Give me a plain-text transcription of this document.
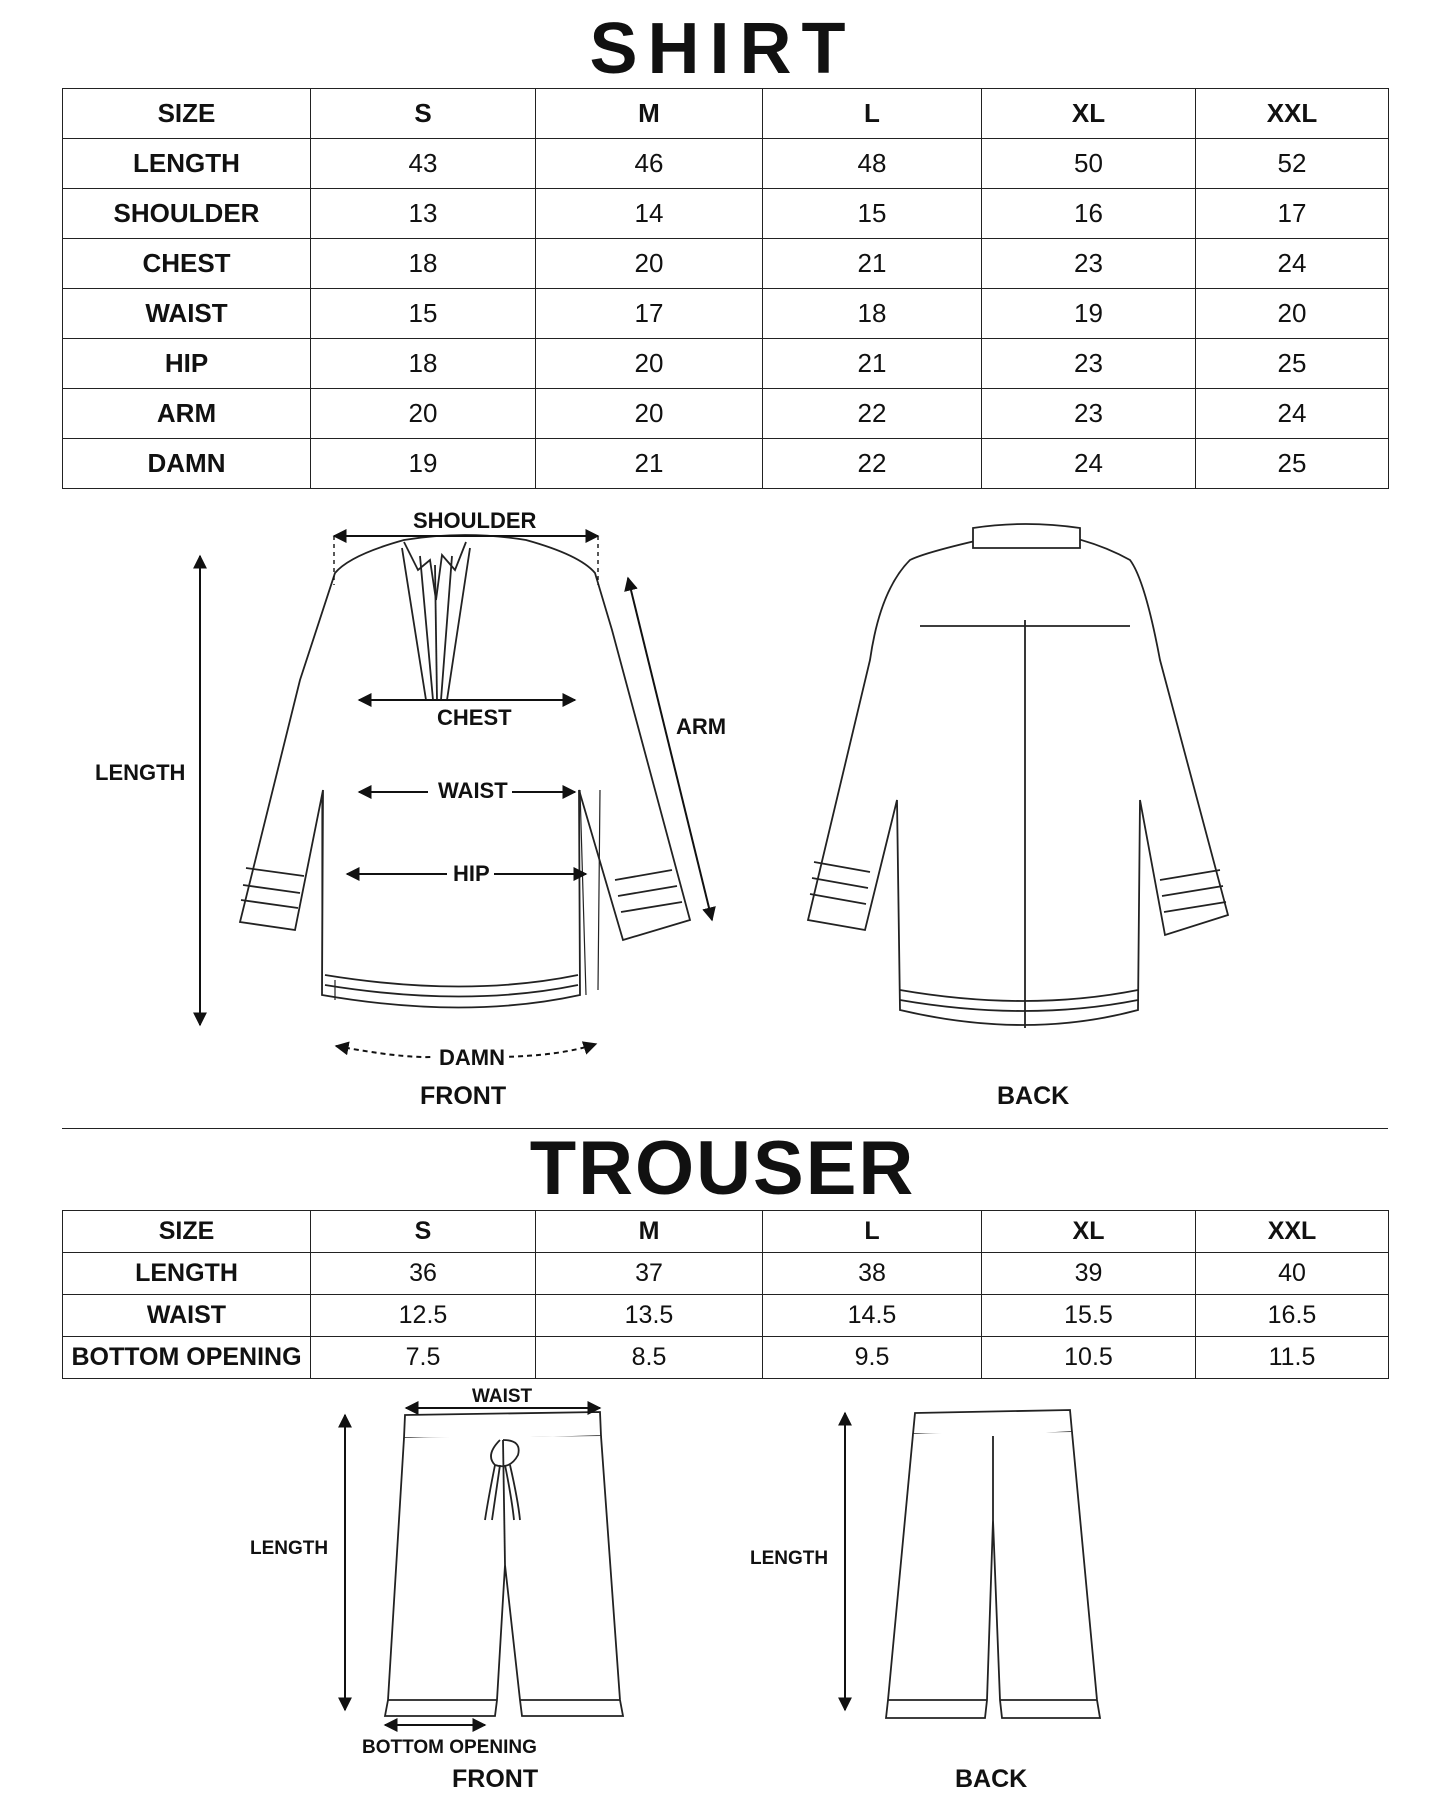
SHIRT
SIZE	S	M	L	XL	XXL
LENGTH	43	46	48	50	52
SHOULDER	13	14	15	16	17
CHEST	18	20	21	23	24
WAIST	15	17	18	19	20
HIP	18	20	21	23	25
ARM	20	20	22	23	24
DAMN	19	21	22	24	25
SHOULDER
CHEST
WAIST
HIP
ARM
LENGTH
DAMN
FRONT	BACK
TROUSER
SIZE	S	M	L	XL	XXL
LENGTH	36	37	38	39	40
WAIST	12.5	13.5	14.5	15.5	16.5
BOTTOM OPENING	7.5	8.5	9.5	10.5	11.5
WAIST
LENGTH	LENGTH
BOTTOM OPENING
FRONT	BACK
